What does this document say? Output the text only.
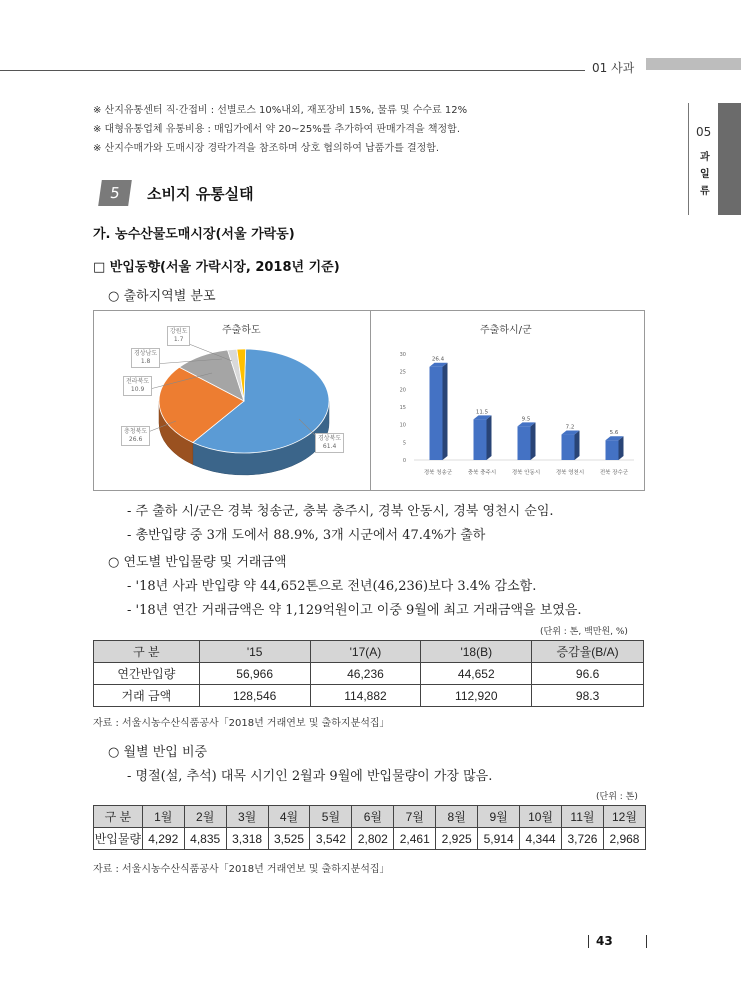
01 사과
05
과
일
류
※ 산지유통센터 직·간접비 : 선별로스 10%내외, 재포장비 15%, 물류 및 수수료 12%
※ 대형유통업체 유통비용 : 매입가에서 약 20~25%를 추가하여 판매가격을 책정함.
※ 산지수매가와 도매시장 경락가격을 참조하며 상호 협의하여 납품가를 결정함.
5	소비지 유통실태
가. 농수산물도매시장(서울 가락동)
□ 반입동향(서울 가락시장, 2018년 기준)
○ 출하지역별 분포
주출하도	주출하시/군
강원도
1.7
경상남도
1.8
전라북도
10.9
충청북도
26.6	경상북도
61.4
0
5
10
15
20
25
30
26.4
경북 청송군
11.5
충북 충주시
9.5
경북 안동시
7.2
경북 영천시
5.6
전북 장수군
- 주 출하 시/군은 경북 청송군, 충북 충주시, 경북 안동시, 경북 영천시 순임.
- 총반입량 중 3개 도에서 88.9%, 3개 시군에서 47.4%가 출하
○ 연도별 반입물량 및 거래금액
- '18년 사과 반입량 약 44,652톤으로 전년(46,236)보다 3.4% 감소함.
- '18년 연간 거래금액은 약 1,129억원이고 이중 9월에 최고 거래금액을 보였음.
(단위 : 톤, 백만원, %)
구 분	'15	'17(A)	'18(B)	증감율(B/A)
연간반입량	56,966	46,236	44,652	96.6
거래 금액	128,546	114,882	112,920	98.3
자료 : 서울시농수산식품공사「2018년 거래연보 및 출하지분석집」
○ 월별 반입 비중
- 명절(설, 추석) 대목 시기인 2월과 9월에 반입물량이 가장 많음.
(단위 : 톤)
구 분	1월	2월	3월	4월	5월	6월	7월	8월	9월	10월	11월	12월
반입물량	4,292	4,835	3,318	3,525	3,542	2,802	2,461	2,925	5,914	4,344	3,726	2,968
자료 : 서울시농수산식품공사「2018년 거래연보 및 출하지분석집」
43
